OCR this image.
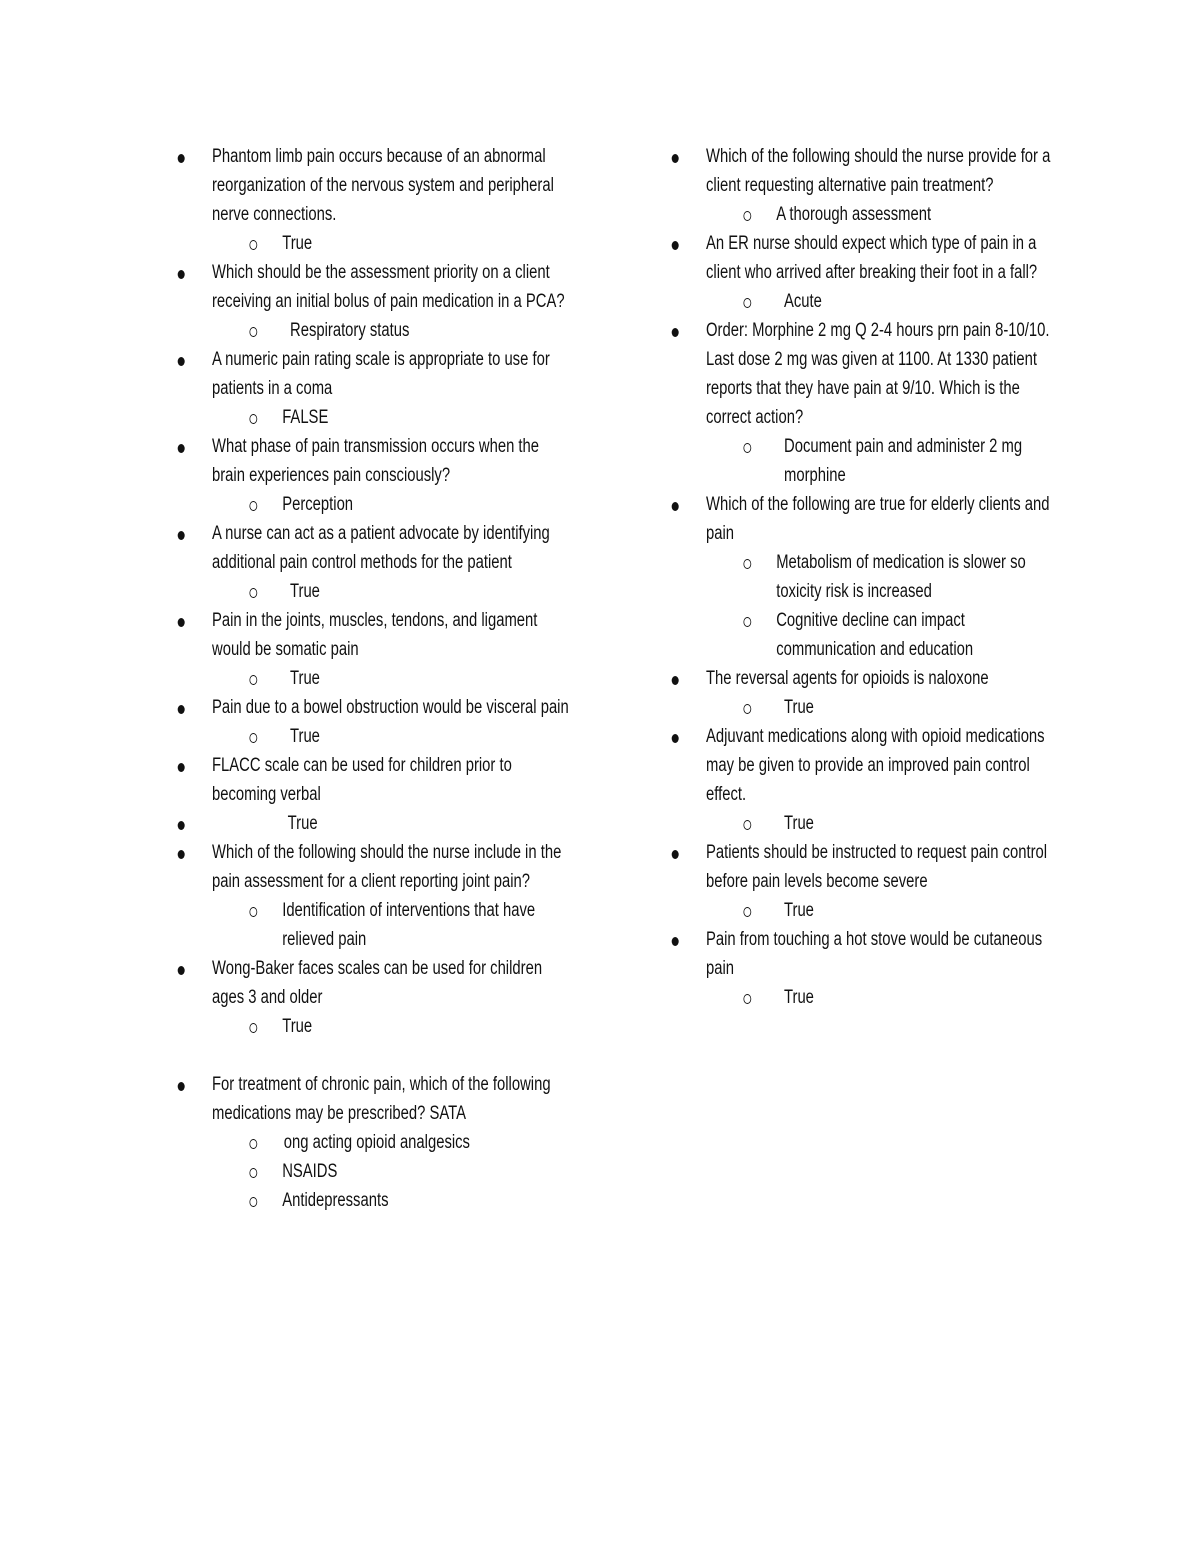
Phantom limb pain occurs because of an abnormal reorganization of the nervous system and peripheral nerve connections.
True
Which should be the assessment priority on a client receiving an initial bolus of pain medication in a PCA?
Respiratory status
A numeric pain rating scale is appropriate to use for patients in a coma
FALSE
What phase of pain transmission occurs when the brain experiences pain consciously?
Perception
A nurse can act as a patient advocate by identifying additional pain control methods for the patient
True
Pain in the joints, muscles, tendons, and ligament would be somatic pain
True
Pain due to a bowel obstruction would be visceral pain
True
FLACC scale can be used for children prior to becoming verbal
True
Which of the following should the nurse include in the pain assessment for a client reporting joint pain?
Identification of interventions that have relieved pain
Wong-Baker faces scales can be used for children ages 3 and older
True
For treatment of chronic pain, which of the following medications may be prescribed? SATA
ong acting opioid analgesics
NSAIDS
Antidepressants
Which of the following should the nurse provide for a client requesting alternative pain treatment?
A thorough assessment
An ER nurse should expect which type of pain in a client who arrived after breaking their foot in a fall?
Acute
Order: Morphine 2 mg Q 2-4 hours prn pain 8-10/10. Last dose 2 mg was given at 1100. At 1330 patient reports that they have pain at 9/10. Which is the correct action?
Document pain and administer 2 mg morphine
Which of the following are true for elderly clients and pain
Metabolism of medication is slower so toxicity risk is increased
Cognitive decline can impact communication and education
The reversal agents for opioids is naloxone
True
Adjuvant medications along with opioid medications may be given to provide an improved pain control effect.
True
Patients should be instructed to request pain control before pain levels become severe
True
Pain from touching a hot stove would be cutaneous pain
True
